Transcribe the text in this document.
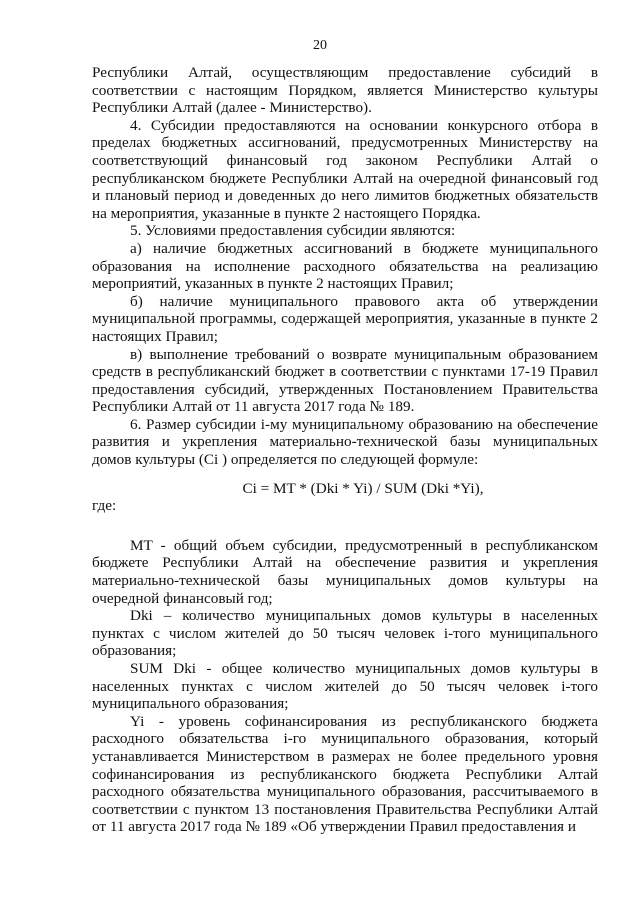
20

Республики Алтай, осуществляющим предоставление субсидий в соответствии с настоящим Порядком, является Министерство культуры Республики Алтай (далее - Министерство).

4. Субсидии предоставляются на основании конкурсного отбора в пределах бюджетных ассигнований, предусмотренных Министерству на соответствующий финансовый год законом Республики Алтай о республиканском бюджете Республики Алтай на очередной финансовый год и плановый период и доведенных до него лимитов бюджетных обязательств на мероприятия, указанные в пункте 2 настоящего Порядка.

5. Условиями предоставления субсидии являются:

а) наличие бюджетных ассигнований в бюджете муниципального образования на исполнение расходного обязательства на реализацию мероприятий, указанных в пункте 2 настоящих Правил;

б) наличие муниципального правового акта об утверждении муниципальной программы, содержащей мероприятия, указанные в пункте 2 настоящих Правил;

в) выполнение требований о возврате муниципальным образованием средств в республиканский бюджет в соответствии с пунктами 17-19 Правил предоставления субсидий, утвержденных Постановлением Правительства Республики Алтай от 11 августа 2017 года № 189.

6. Размер субсидии i-му муниципальному образованию на обеспечение развития и укрепления материально-технической базы муниципальных домов культуры (Ci ) определяется по следующей формуле:

Ci = MT * (Dki * Yi) / SUM (Dki *Yi),

где:

MT - общий объем субсидии, предусмотренный в республиканском бюджете Республики Алтай на обеспечение развития и укрепления материально-технической базы муниципальных домов культуры на очередной финансовый год;

Dki – количество муниципальных домов культуры в населенных пунктах с числом жителей до 50 тысяч человек i-того муниципального образования;

SUM Dki - общее количество муниципальных домов культуры в населенных пунктах с числом жителей до 50 тысяч человек i-того муниципального образования;

Yi - уровень софинансирования из республиканского бюджета расходного обязательства i-го муниципального образования, который устанавливается Министерством в размерах не более предельного уровня софинансирования из республиканского бюджета Республики Алтай расходного обязательства муниципального образования, рассчитываемого в соответствии с пунктом 13 постановления Правительства Республики Алтай от 11 августа 2017 года № 189 «Об утверждении Правил предоставления и
